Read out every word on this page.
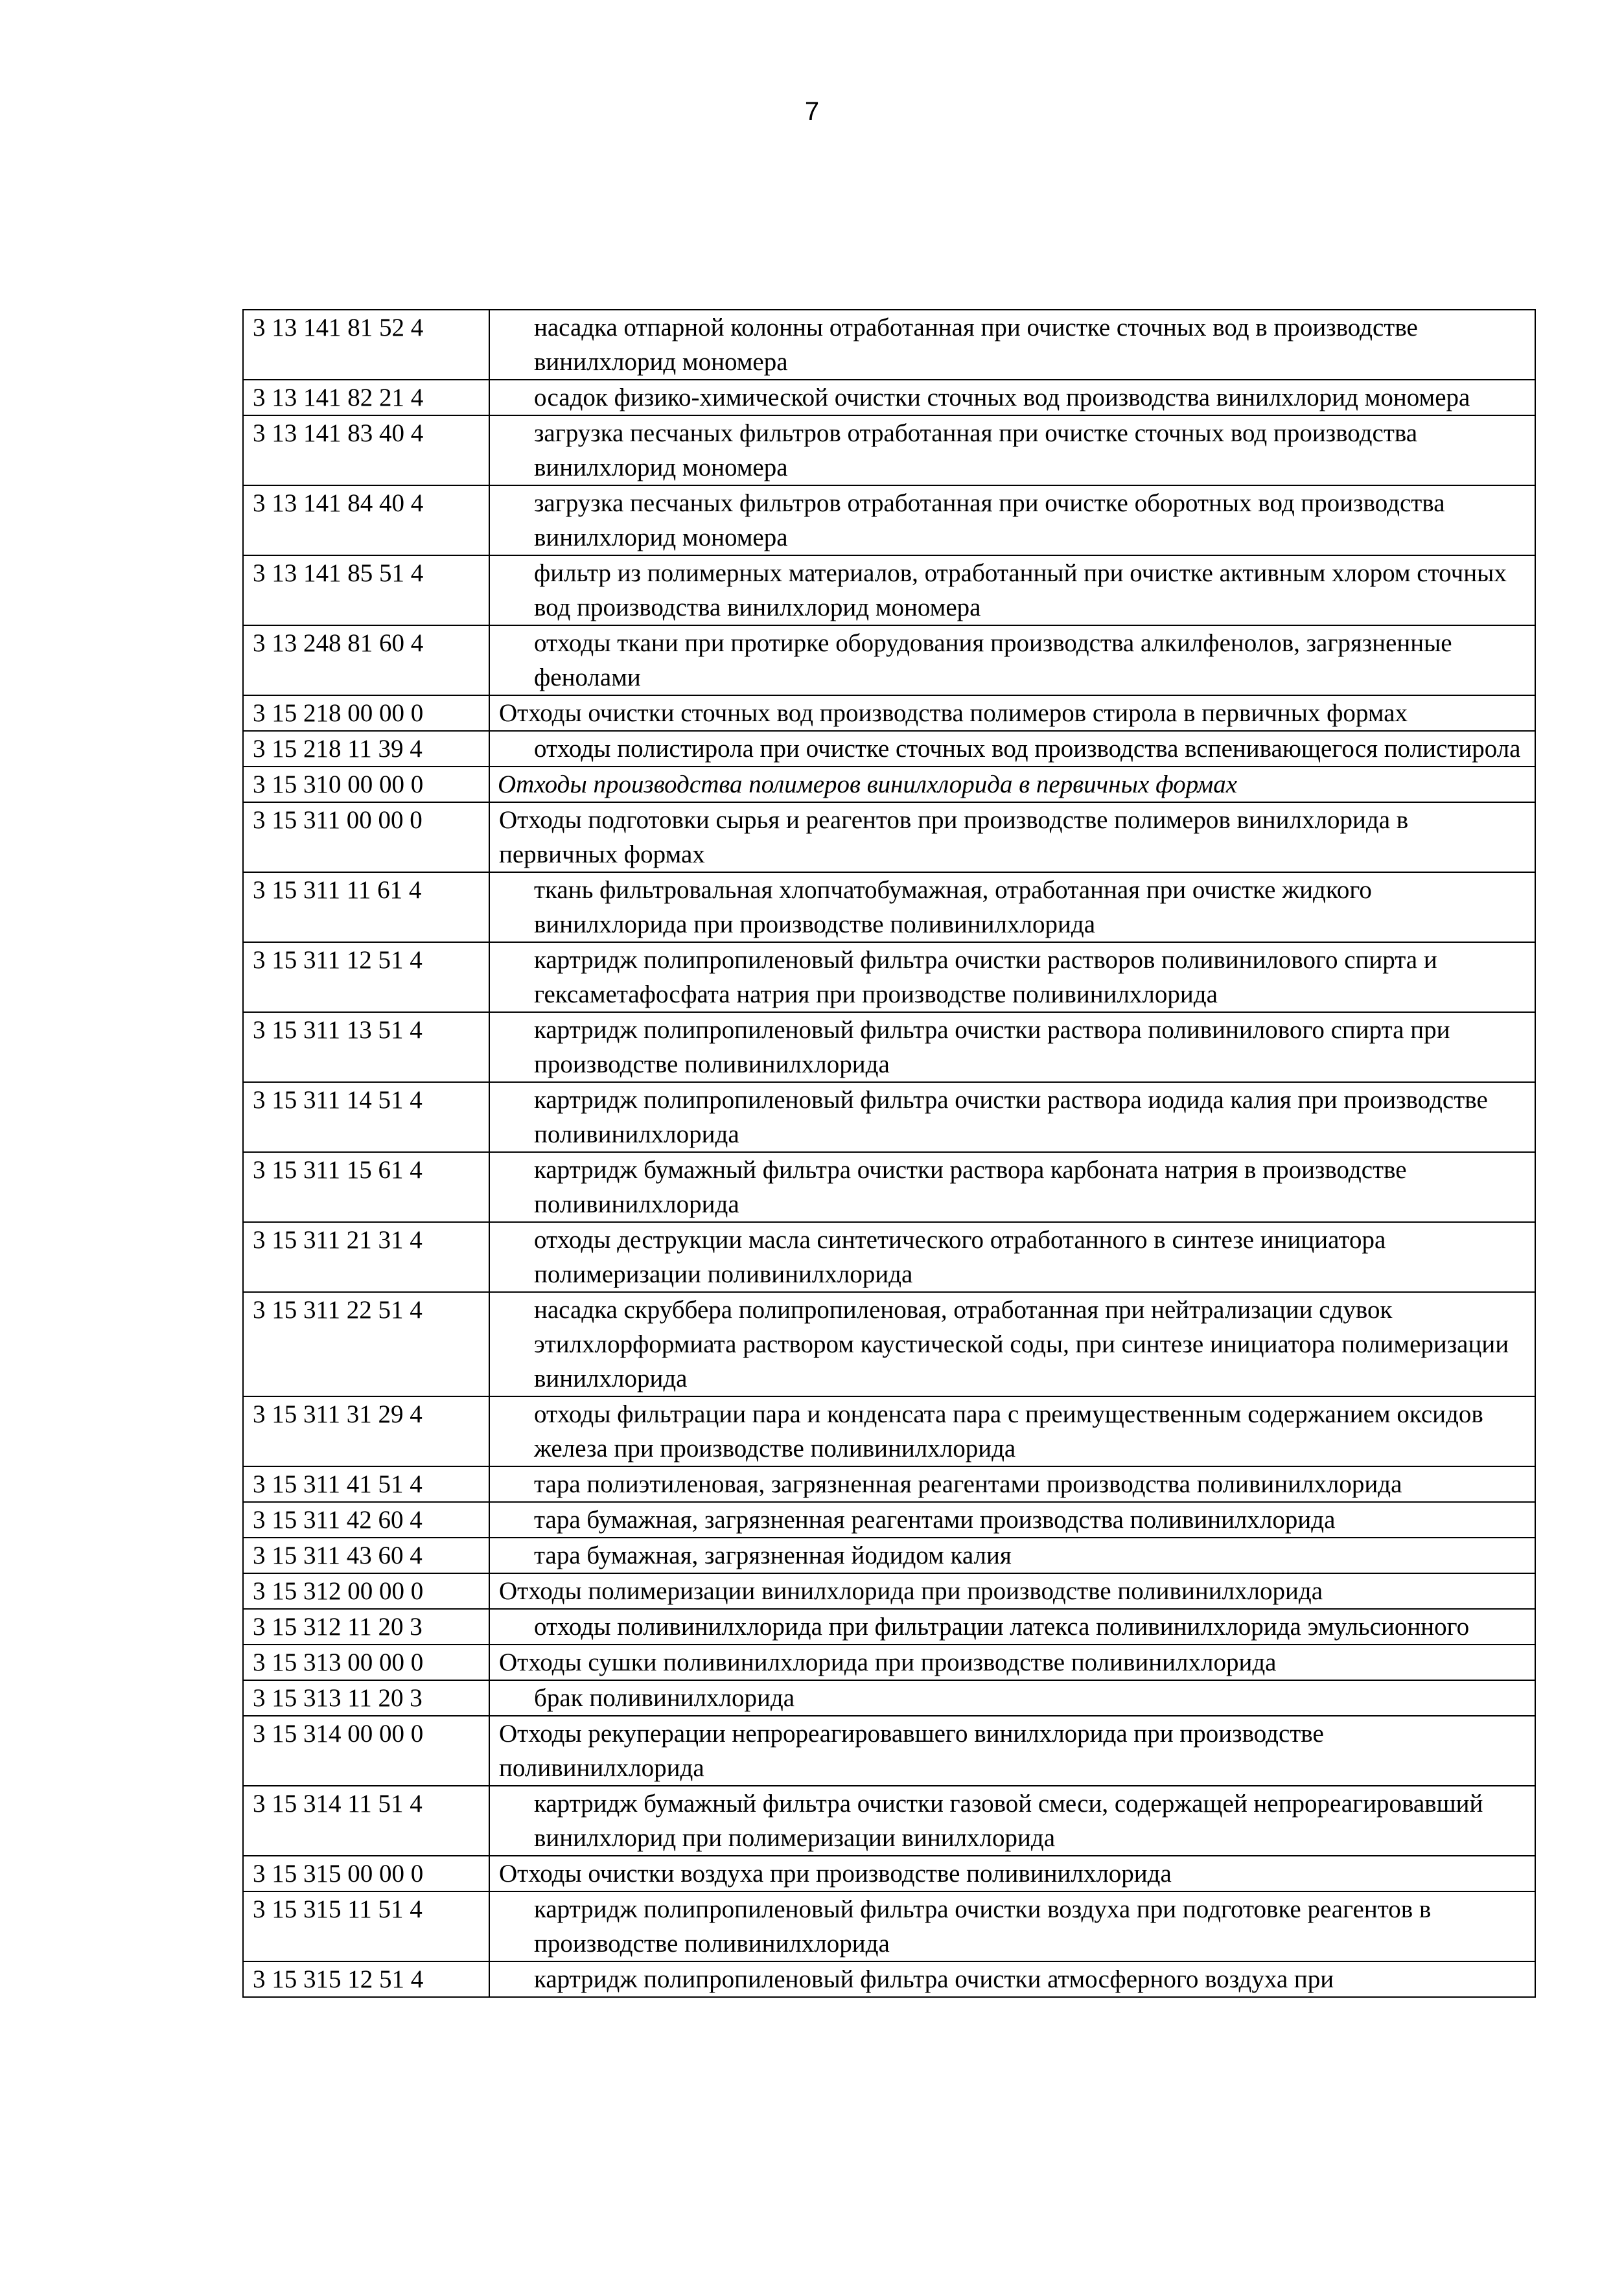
7
3 13 141 81 52 4	насадка отпарной колонны отработанная при очистке сточных вод в производстве винилхлорид мономера
3 13 141 82 21 4	осадок физико-химической очистки сточных вод производства винилхлорид мономера
3 13 141 83 40 4	загрузка песчаных фильтров отработанная при очистке сточных вод производства винилхлорид мономера
3 13 141 84 40 4	загрузка песчаных фильтров отработанная при очистке оборотных вод производства винилхлорид мономера
3 13 141 85 51 4	фильтр из полимерных материалов, отработанный при очистке активным хлором сточных вод производства винилхлорид мономера
3 13 248 81 60 4	отходы ткани при протирке оборудования производства алкилфенолов, загрязненные фенолами
3 15 218 00 00 0	Отходы очистки сточных вод производства полимеров стирола в первичных формах
3 15 218 11 39 4	отходы полистирола при очистке сточных вод производства вспенивающегося полистирола
3 15 310 00 00 0	Отходы производства полимеров винилхлорида в первичных формах
3 15 311 00 00 0	Отходы подготовки сырья и реагентов при производстве полимеров винилхлорида в первичных формах
3 15 311 11 61 4	ткань фильтровальная хлопчатобумажная, отработанная при очистке жидкого винилхлорида при производстве поливинилхлорида
3 15 311 12 51 4	картридж полипропиленовый фильтра очистки растворов поливинилового спирта и гексаметафосфата натрия при производстве поливинилхлорида
3 15 311 13 51 4	картридж полипропиленовый фильтра очистки раствора поливинилового спирта при производстве поливинилхлорида
3 15 311 14 51 4	картридж полипропиленовый фильтра очистки раствора иодида калия при производстве поливинилхлорида
3 15 311 15 61 4	картридж бумажный фильтра очистки раствора карбоната натрия в производстве поливинилхлорида
3 15 311 21 31 4	отходы деструкции масла синтетического отработанного в синтезе инициатора полимеризации поливинилхлорида
3 15 311 22 51 4	насадка скруббера полипропиленовая, отработанная при нейтрализации сдувок этилхлорформиата раствором каустической соды, при синтезе инициатора полимеризации винилхлорида
3 15 311 31 29 4	отходы фильтрации пара и конденсата пара с преимущественным содержанием оксидов железа при производстве поливинилхлорида
3 15 311 41 51 4	тара полиэтиленовая, загрязненная реагентами производства поливинилхлорида
3 15 311 42 60 4	тара бумажная, загрязненная реагентами производства поливинилхлорида
3 15 311 43 60 4	тара бумажная, загрязненная йодидом калия
3 15 312 00 00 0	Отходы полимеризации винилхлорида при производстве поливинилхлорида
3 15 312 11 20 3	отходы поливинилхлорида при фильтрации латекса поливинилхлорида эмульсионного
3 15 313 00 00 0	Отходы сушки поливинилхлорида при производстве поливинилхлорида
3 15 313 11 20 3	брак поливинилхлорида
3 15 314 00 00 0	Отходы рекуперации непрореагировавшего винилхлорида при производстве поливинилхлорида
3 15 314 11 51 4	картридж бумажный фильтра очистки газовой смеси, содержащей непрореагировавший винилхлорид при полимеризации винилхлорида
3 15 315 00 00 0	Отходы очистки воздуха при производстве поливинилхлорида
3 15 315 11 51 4	картридж полипропиленовый фильтра очистки воздуха при подготовке реагентов в производстве поливинилхлорида
3 15 315 12 51 4	картридж полипропиленовый фильтра очистки атмосферного воздуха при
